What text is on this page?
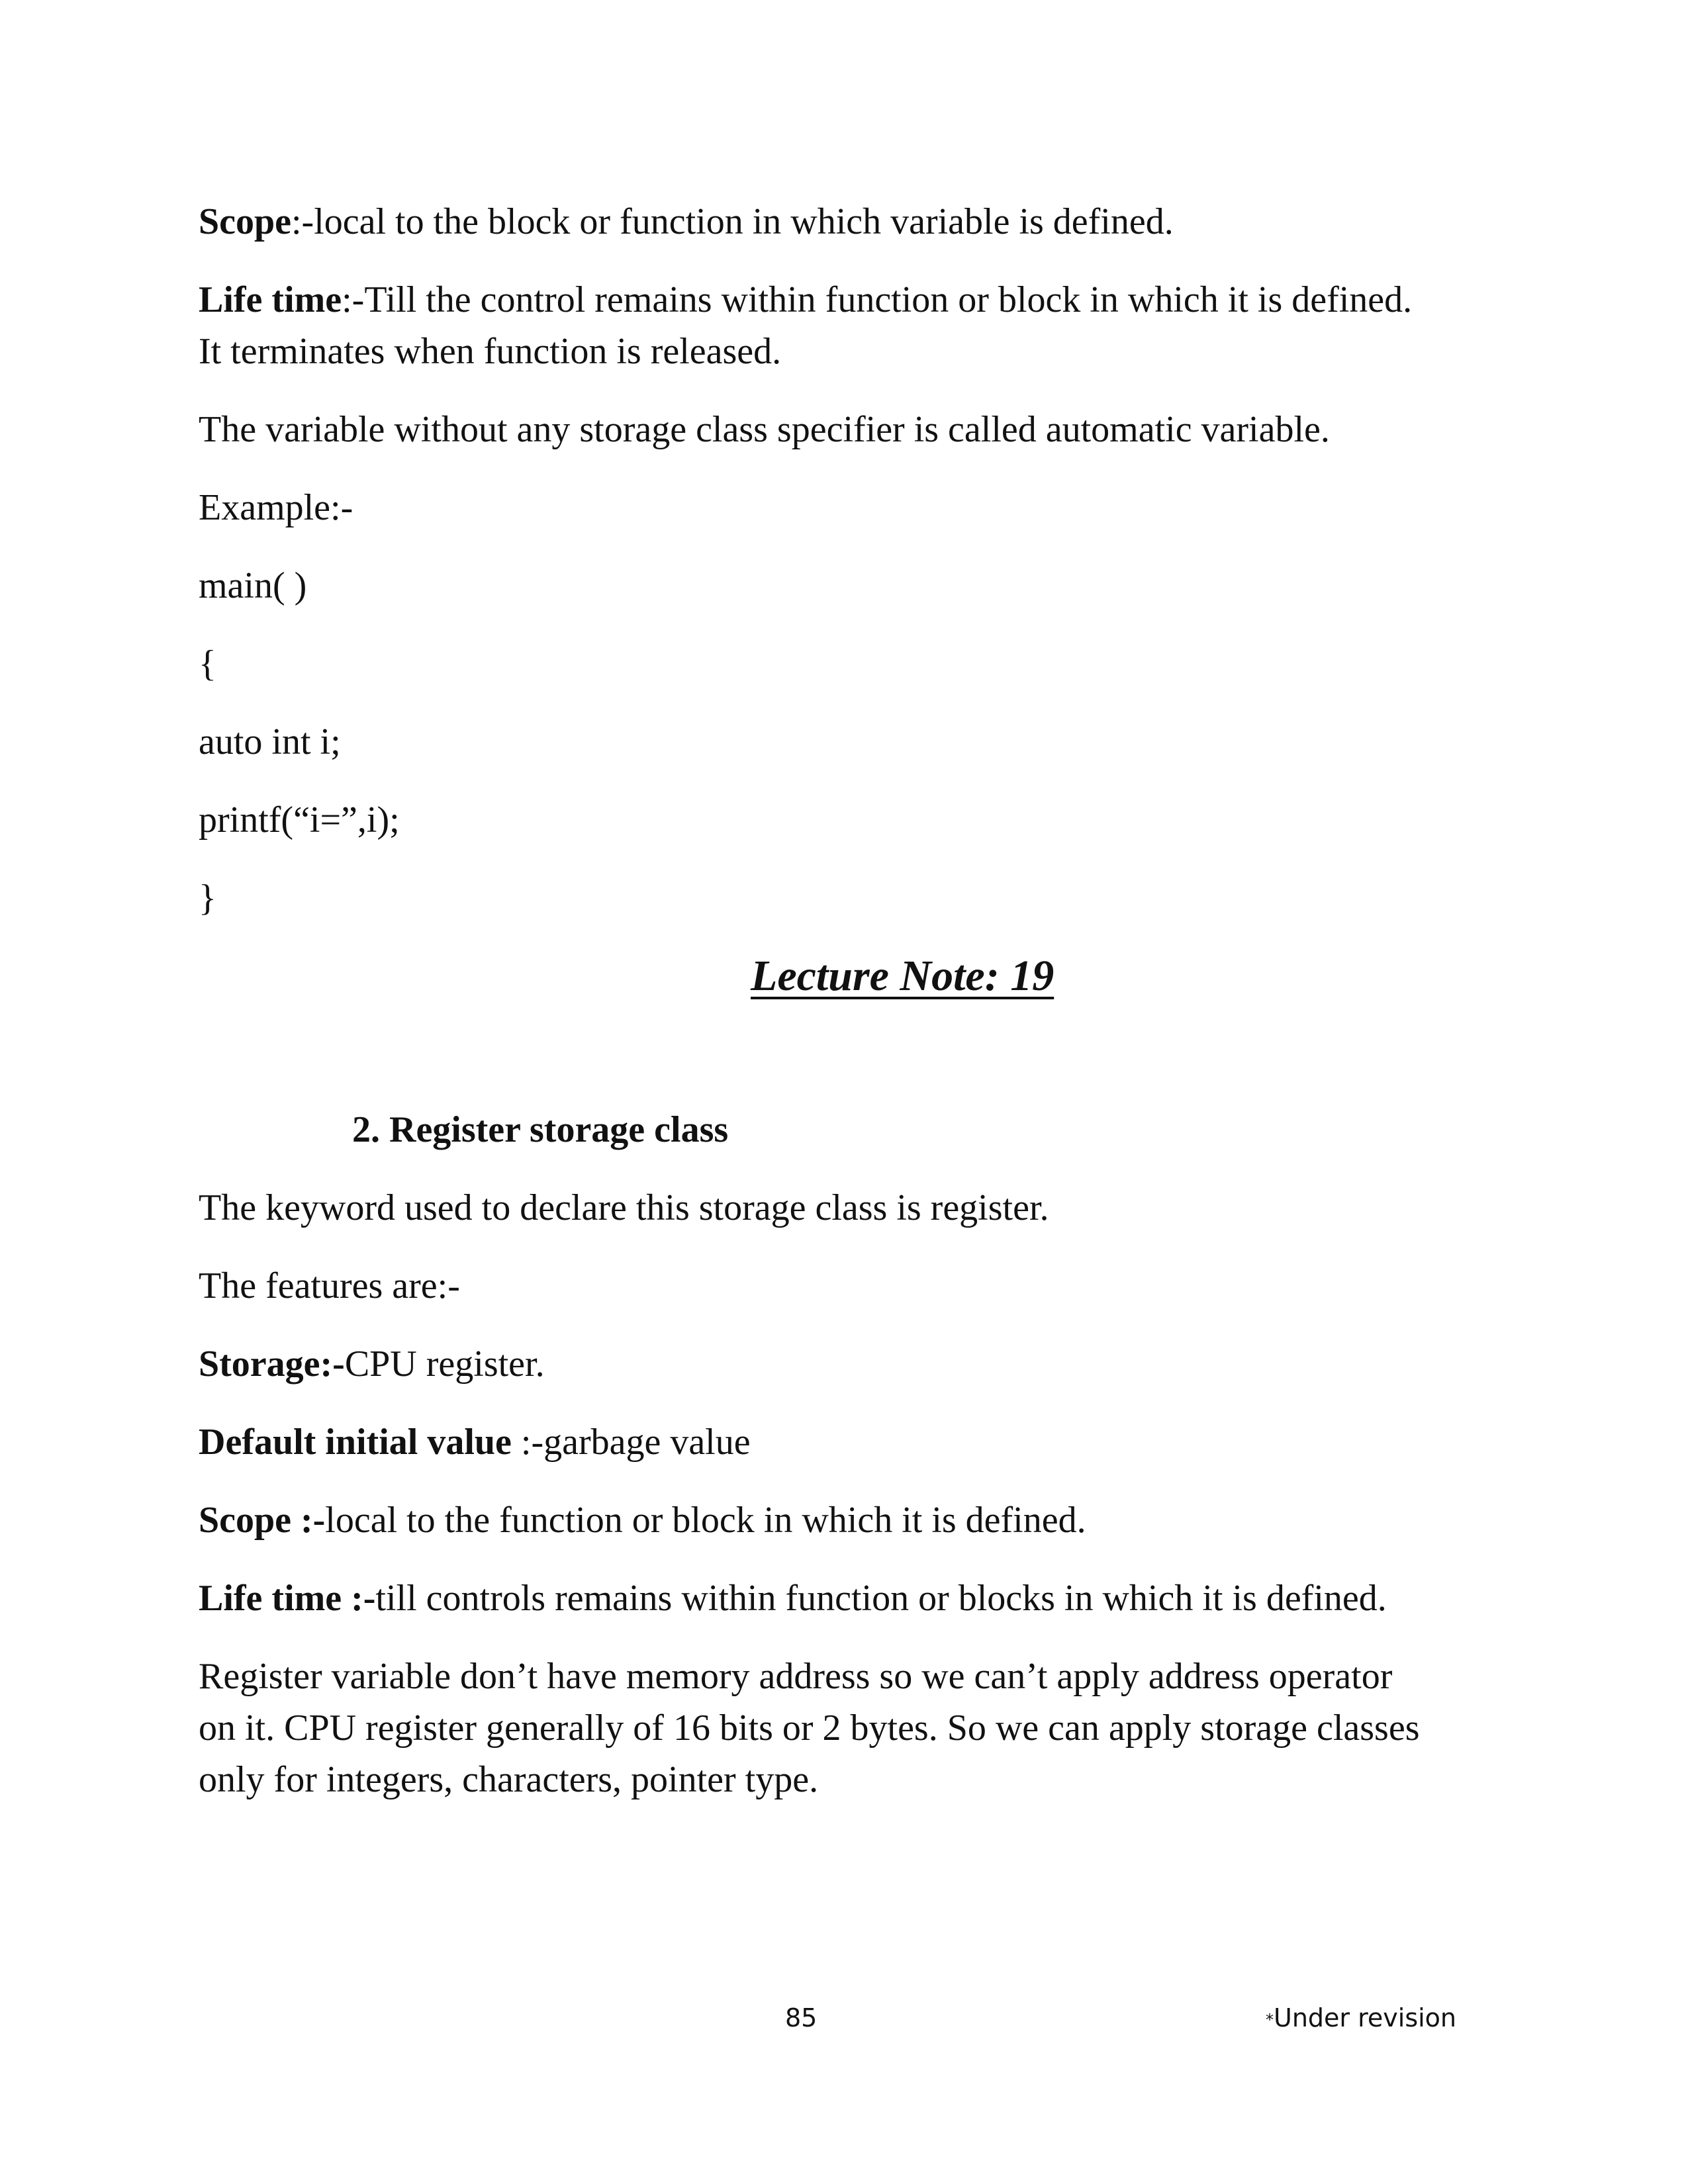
Scope:-local to the block or function in which variable is defined.
Life time:-Till the control remains within function or block in which it is defined.
It terminates when function is released.
The variable without any storage class specifier is called automatic variable.
Example:-
main( )
{
auto int i;
printf(“i=”,i);
}
Lecture Note: 19
2. Register storage class
The keyword used to declare this storage class is register.
The features are:-
Storage:-CPU register.
Default initial value :-garbage value
Scope :-local to the function or block in which it is defined.
Life time :-till controls remains within function or blocks in which it is defined.
Register variable don’t have memory address so we can’t apply address operator
on it. CPU register generally of 16 bits or 2 bytes. So we can apply storage classes
only for integers, characters, pointer type.
85	*Under revision
